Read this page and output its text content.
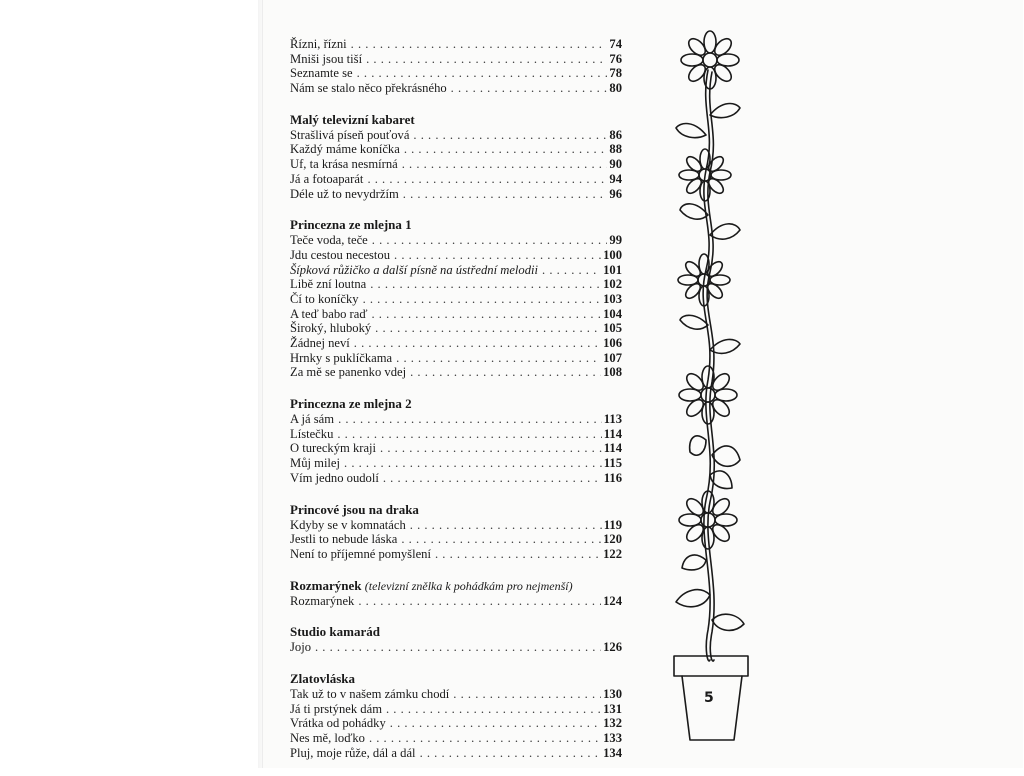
Řízni, řízni . . .	74
Mniši jsou tiší . . .	76
Seznamte se . . .	78
Nám se stalo něco překrásného . . .	80
Malý televizní kabaret
Strašlivá píseň pouťová . . .	86
Každý máme koníčka . . .	88
Uf, ta krása nesmírná . . .	90
Já a fotoaparát . . .	94
Déle už to nevydržím . . .	96
Princezna ze mlejna 1
Teče voda, teče . . .	99
Jdu cestou necestou . . .	100
Šípková růžičko a další písně na ústřední melodii . . .	101
Libě zní loutna . . .	102
Čí to koníčky . . .	103
A teď babo raď . . .	104
Široký, hluboký . . .	105
Žádnej neví . . .	106
Hrnky s puklíčkama . . .	107
Za mě se panenko vdej . . .	108
Princezna ze mlejna 2
A já sám . . .	113
Lístečku . . .	114
O tureckým kraji . . .	114
Můj milej . . .	115
Vím jedno oudolí . . .	116
Princové jsou na draka
Kdyby se v komnatách . . .	119
Jestli to nebude láska . . .	120
Není to příjemné pomyšlení . . .	122
Rozmarýnek (televizní znělka k pohádkám pro nejmenší)
Rozmarýnek . . .	124
Studio kamarád
Jojo . . .	126
Zlatovláska
Tak už to v našem zámku chodí . . .	130
Já ti prstýnek dám . . .	131
Vrátka od pohádky . . .	132
Nes mě, loďko . . .	133
Pluj, moje růže, dál a dál . . .	134
5
